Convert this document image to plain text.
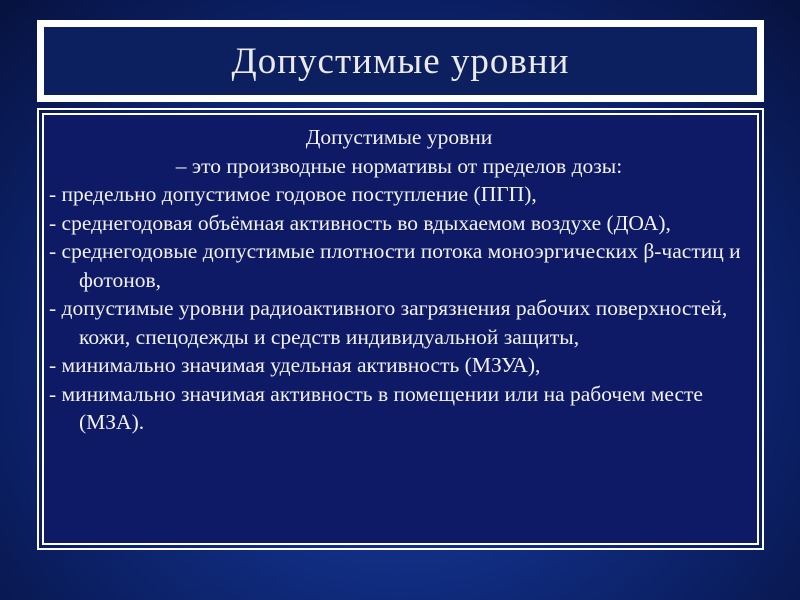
Допустимые уровни
Допустимые уровни
– это производные нормативы от пределов дозы:
- предельно допустимое годовое поступление (ПГП),
- среднегодовая объёмная активность во вдыхаемом воздухе (ДОА),
- среднегодовые допустимые плотности потока моноэргических β-частиц и фотонов,
- допустимые уровни радиоактивного загрязнения рабочих поверхностей, кожи, спецодежды и средств индивидуальной защиты,
- минимально значимая удельная активность (МЗУА),
- минимально значимая активность в помещении или на рабочем месте (МЗА).
